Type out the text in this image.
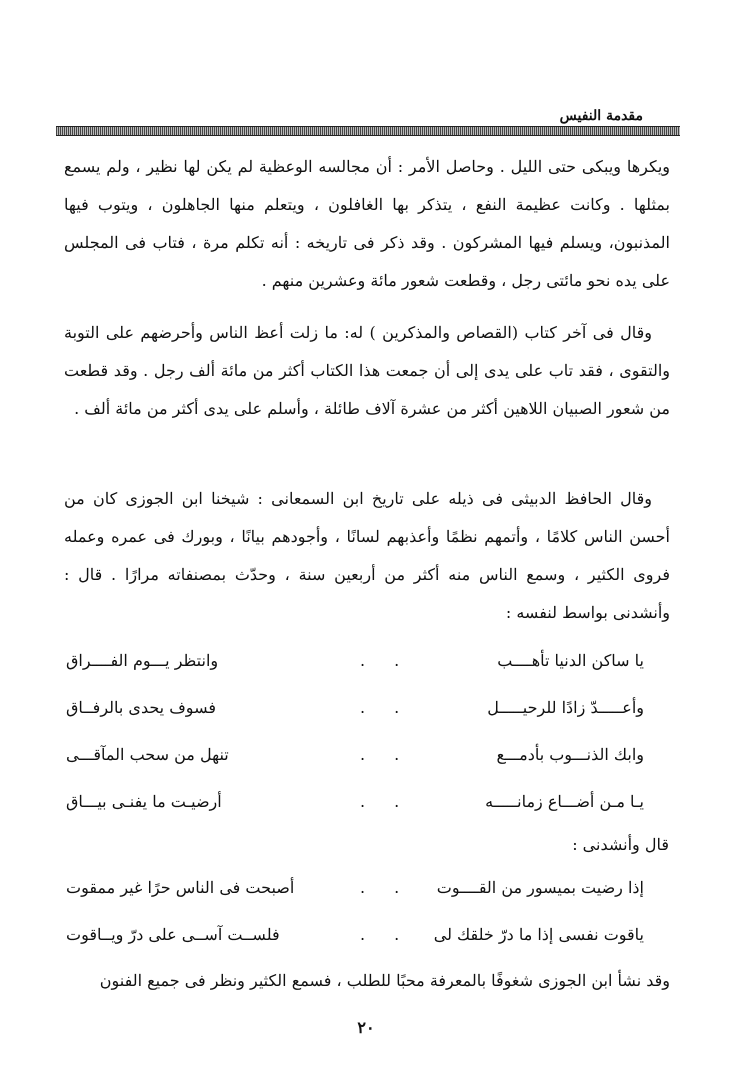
مقدمة النفيس
ويكرها ويبكى حتى الليل . وحاصل الأمر : أن مجالسه الوعظية لم يكن لها نظير ، ولم يسمع بمثلها . وكانت عظيمة النفع ، يتذكر بها الغافلون ، ويتعلم منها الجاهلون ، ويتوب فيها المذنبون، ويسلم فيها المشركون . وقد ذكر فى تاريخه : أنه تكلم مرة ، فتاب فى المجلس على يده نحو مائتى رجل ، وقطعت شعور مائة وعشرين منهم .
وقال فى آخر كتاب (القصاص والمذكرين ) له: ما زلت أعظ الناس وأحرضهم على التوبة والتقوى ، فقد تاب على يدى إلى أن جمعت هذا الكتاب أكثر من مائة ألف رجل . وقد قطعت من شعور الصبيان اللاهين أكثر من عشرة آلاف طائلة ، وأسلم على يدى أكثر من مائة ألف .
وقال الحافظ الدبيثى فى ذيله على تاريخ ابن السمعانى : شيخنا ابن الجوزى كان من أحسن الناس كلامًا ، وأتمهم نظمًا وأعذبهم لسانًا ، وأجودهم بيانًا ، وبورك فى عمره وعمله فروى الكثير ، وسمع الناس منه أكثر من أربعين سنة ، وحدّث بمصنفاته مرارًا . قال : وأنشدنى بواسط لنفسه :
يا ساكن الدنيا تأهــــب
. .
وانتظر يـــوم الفــــراق
وأعـــــدّ زادًا للرحيـــــل
. .
فسوف يحدى بالرفــاق
وابك الذنـــوب بأدمـــع
. .
تنهل من سحب المآقـــى
يـا مـن أضـــاع زمانـــــه
. .
أرضيـت ما يفنـى بيـــاق
قال وأنشدنى :
إذا رضيت بميسور من القــــوت
. .
أصبحت فى الناس حرًا غير ممقوت
ياقوت نفسى إذا ما درّ خلقك لى
. .
فلســت آســى على درّ ويــاقوت
وقد نشأ ابن الجوزى شغوفًا بالمعرفة محبًا للطلب ، فسمع الكثير ونظر فى جميع الفنون
٢٠
